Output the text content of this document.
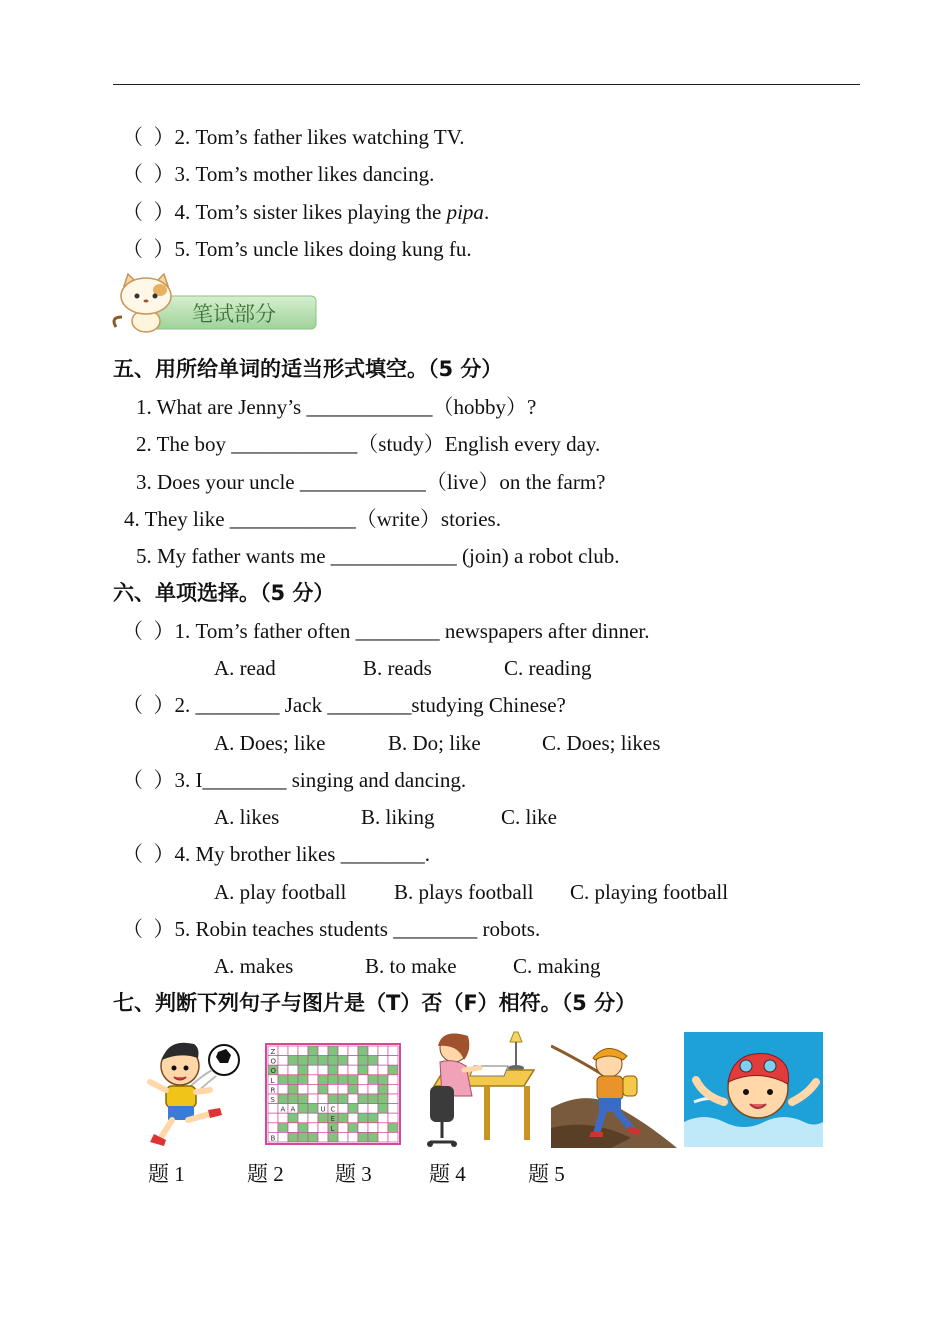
（  ）2. Tom’s father likes watching TV.
（  ）3. Tom’s mother likes dancing.
（  ）4. Tom’s sister likes playing the pipa.
（  ）5. Tom’s uncle likes doing kung fu.
笔试部分
五、用所给单词的适当形式填空。（5 分）
1. What are Jenny’s ____________（hobby）?
2. The boy ____________（study）English every day.
3. Does your uncle ____________（live）on the farm?
4. They like ____________（write）stories.
5. My father wants me ____________ (join) a robot club.
六、单项选择。（5 分）
（  ）1. Tom’s father often ________ newspapers after dinner.
A. read	B. reads	C. reading
（  ）2. ________ Jack ________studying Chinese?
A. Does; like	B. Do; like	C. Does; likes
（  ）3. I________ singing and dancing.
A. likes	B. liking	C. like
（  ）4. My brother likes ________.
A. play football B. plays football C. playing football
（  ）5. Robin teaches students ________ robots.
A. makes	B. to make	C. making
七、判断下列句子与图片是（T）否（F）相符。（5 分）
Z
O
O
L
R
S
A	U
A	C
E
L
B
题 1	题 2 题 3	题 4	题 5
